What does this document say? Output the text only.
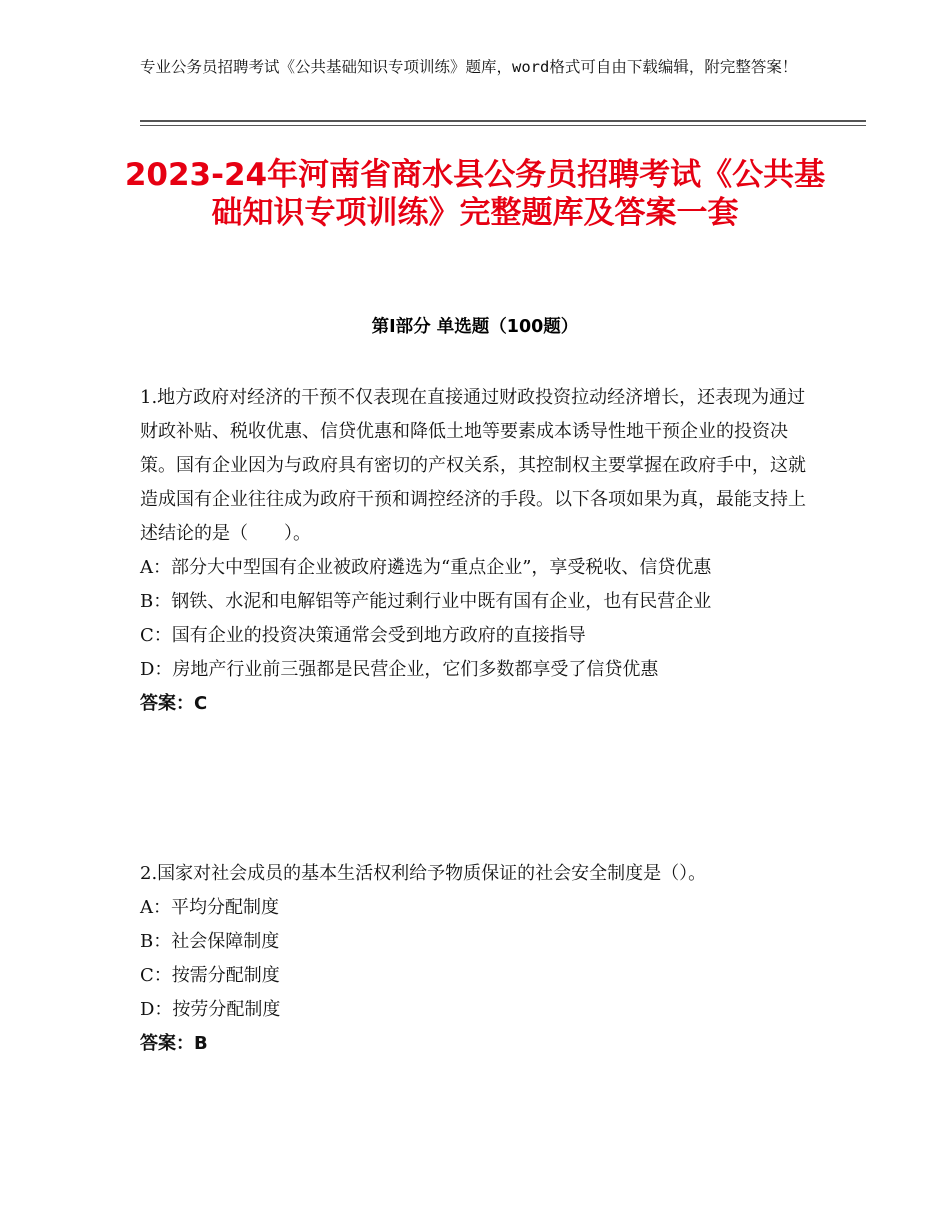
专业公务员招聘考试《公共基础知识专项训练》题库，word格式可自由下载编辑，附完整答案！
2023-24年河南省商水县公务员招聘考试《公共基础知识专项训练》完整题库及答案一套
第Ⅰ部分 单选题（100题）

1.地方政府对经济的干预不仅表现在直接通过财政投资拉动经济增长，还表现为通过财政补贴、税收优惠、信贷优惠和降低土地等要素成本诱导性地干预企业的投资决策。国有企业因为与政府具有密切的产权关系，其控制权主要掌握在政府手中，这就造成国有企业往往成为政府干预和调控经济的手段。以下各项如果为真，最能支持上述结论的是（　　）。

A：部分大中型国有企业被政府遴选为“重点企业”，享受税收、信贷优惠

B：钢铁、水泥和电解铝等产能过剩行业中既有国有企业，也有民营企业

C：国有企业的投资决策通常会受到地方政府的直接指导

D：房地产行业前三强都是民营企业，它们多数都享受了信贷优惠

答案：C

2.国家对社会成员的基本生活权利给予物质保证的社会安全制度是（）。

A：平均分配制度

B：社会保障制度

C：按需分配制度

D：按劳分配制度

答案：B
